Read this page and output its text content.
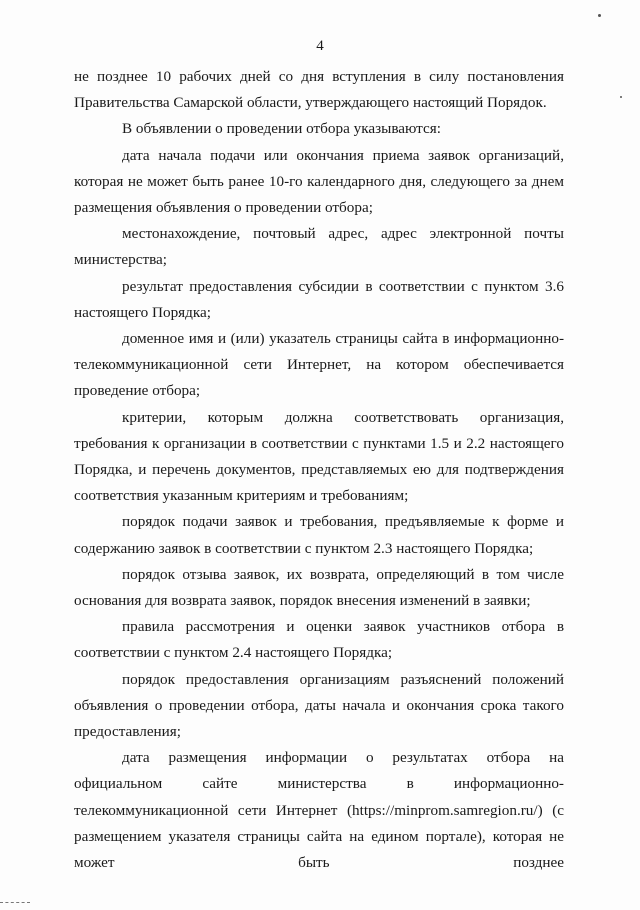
4

не позднее 10 рабочих дней со дня вступления в силу постановления Правительства Самарской области, утверждающего настоящий Порядок.

В объявлении о проведении отбора указываются:

дата начала подачи или окончания приема заявок организаций, которая не может быть ранее 10-го календарного дня, следующего за днем размещения объявления о проведении отбора;

местонахождение, почтовый адрес, адрес электронной почты министерства;

результат предоставления субсидии в соответствии с пунктом 3.6 настоящего Порядка;

доменное имя и (или) указатель страницы сайта в информационно-телекоммуникационной сети Интернет, на котором обеспечивается проведение отбора;

критерии, которым должна соответствовать организация, требования к организации в соответствии с пунктами 1.5 и 2.2 настоящего Порядка, и перечень документов, представляемых ею для подтверждения соответствия указанным критериям и требованиям;

порядок подачи заявок и требования, предъявляемые к форме и содержанию заявок в соответствии с пунктом 2.3 настоящего Порядка;

порядок отзыва заявок, их возврата, определяющий в том числе основания для возврата заявок, порядок внесения изменений в заявки;

правила рассмотрения и оценки заявок участников отбора в соответствии с пунктом 2.4 настоящего Порядка;

порядок предоставления организациям разъяснений положений объявления о проведении отбора, даты начала и окончания срока такого предоставления;

дата размещения информации о результатах отбора на официальном сайте министерства в информационно-телекоммуникационной сети Интернет (https://minprom.samregion.ru/) (с размещением указателя страницы сайта на едином портале), которая не может быть позднее
